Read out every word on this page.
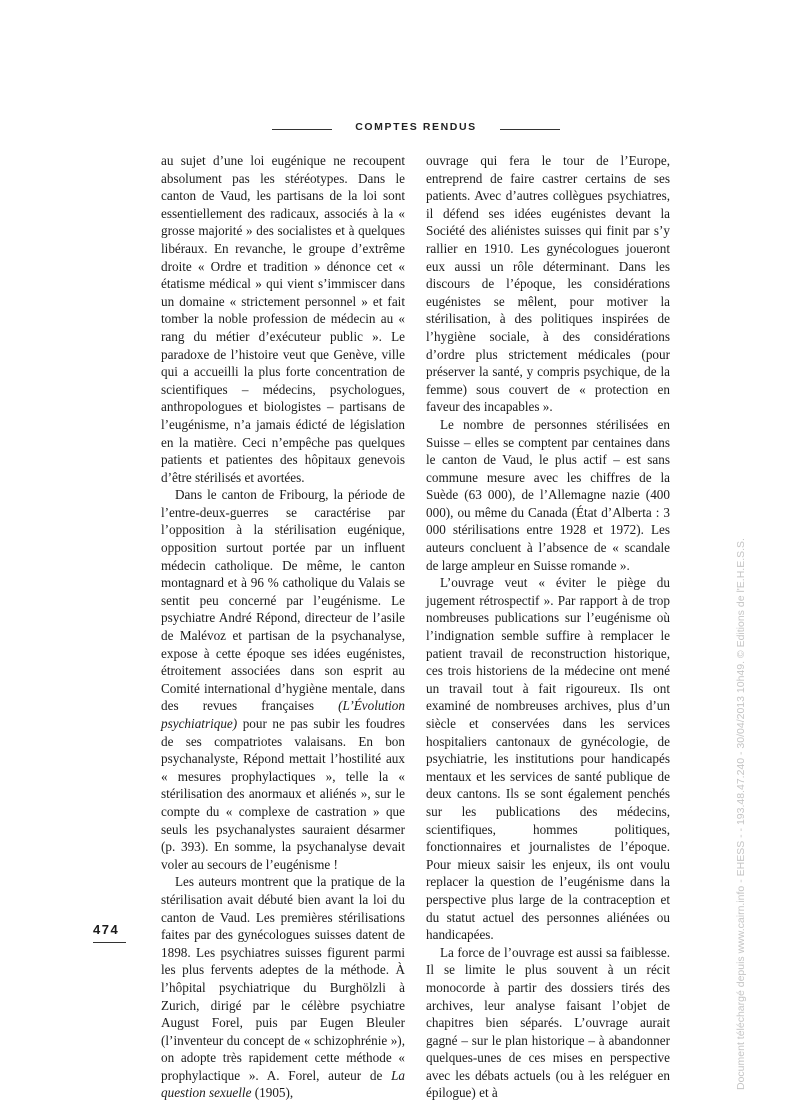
COMPTES RENDUS

au sujet d’une loi eugénique ne recoupent absolument pas les stéréotypes. Dans le canton de Vaud, les partisans de la loi sont essentiellement des radicaux, associés à la « grosse majorité » des socialistes et à quelques libéraux. En revanche, le groupe d’extrême droite « Ordre et tradition » dénonce cet « étatisme médical » qui vient s’immiscer dans un domaine « strictement personnel » et fait tomber la noble profession de médecin au « rang du métier d’exécuteur public ». Le paradoxe de l’histoire veut que Genève, ville qui a accueilli la plus forte concentration de scientifiques – médecins, psychologues, anthropologues et biologistes – partisans de l’eugénisme, n’a jamais édicté de législation en la matière. Ceci n’empêche pas quelques patients et patientes des hôpitaux genevois d’être stérilisés et avortées.

Dans le canton de Fribourg, la période de l’entre-deux-guerres se caractérise par l’opposition à la stérilisation eugénique, opposition surtout portée par un influent médecin catholique. De même, le canton montagnard et à 96 % catholique du Valais se sentit peu concerné par l’eugénisme. Le psychiatre André Répond, directeur de l’asile de Malévoz et partisan de la psychanalyse, expose à cette époque ses idées eugénistes, étroitement associées dans son esprit au Comité international d’hygiène mentale, dans des revues françaises (L’Évolution psychiatrique) pour ne pas subir les foudres de ses compatriotes valaisans. En bon psychanalyste, Répond mettait l’hostilité aux « mesures prophylactiques », telle la « stérilisation des anormaux et aliénés », sur le compte du « complexe de castration » que seuls les psychanalystes sauraient désarmer (p. 393). En somme, la psychanalyse devait voler au secours de l’eugénisme !

Les auteurs montrent que la pratique de la stérilisation avait débuté bien avant la loi du canton de Vaud. Les premières stérilisations faites par des gynécologues suisses datent de 1898. Les psychiatres suisses figurent parmi les plus fervents adeptes de la méthode. À l’hôpital psychiatrique du Burghölzli à Zurich, dirigé par le célèbre psychiatre August Forel, puis par Eugen Bleuler (l’inventeur du concept de « schizophrénie »), on adopte très rapidement cette méthode « prophylactique ». A. Forel, auteur de La question sexuelle (1905),

ouvrage qui fera le tour de l’Europe, entreprend de faire castrer certains de ses patients. Avec d’autres collègues psychiatres, il défend ses idées eugénistes devant la Société des aliénistes suisses qui finit par s’y rallier en 1910. Les gynécologues joueront eux aussi un rôle déterminant. Dans les discours de l’époque, les considérations eugénistes se mêlent, pour motiver la stérilisation, à des politiques inspirées de l’hygiène sociale, à des considérations d’ordre plus strictement médicales (pour préserver la santé, y compris psychique, de la femme) sous couvert de « protection en faveur des incapables ».

Le nombre de personnes stérilisées en Suisse – elles se comptent par centaines dans le canton de Vaud, le plus actif – est sans commune mesure avec les chiffres de la Suède (63 000), de l’Allemagne nazie (400 000), ou même du Canada (État d’Alberta : 3 000 stérilisations entre 1928 et 1972). Les auteurs concluent à l’absence de « scandale de large ampleur en Suisse romande ».

L’ouvrage veut « éviter le piège du jugement rétrospectif ». Par rapport à de trop nombreuses publications sur l’eugénisme où l’indignation semble suffire à remplacer le patient travail de reconstruction historique, ces trois historiens de la médecine ont mené un travail tout à fait rigoureux. Ils ont examiné de nombreuses archives, plus d’un siècle et conservées dans les services hospitaliers cantonaux de gynécologie, de psychiatrie, les institutions pour handicapés mentaux et les services de santé publique de deux cantons. Ils se sont également penchés sur les publications des médecins, scientifiques, hommes politiques, fonctionnaires et journalistes de l’époque. Pour mieux saisir les enjeux, ils ont voulu replacer la question de l’eugénisme dans la perspective plus large de la contraception et du statut actuel des personnes aliénées ou handicapées.

La force de l’ouvrage est aussi sa faiblesse. Il se limite le plus souvent à un récit monocorde à partir des dossiers tirés des archives, leur analyse faisant l’objet de chapitres bien séparés. L’ouvrage aurait gagné – sur le plan historique – à abandonner quelques-unes de ces mises en perspective avec les débats actuels (ou à les reléguer en épilogue) et à

474	Document téléchargé depuis www.cairn.info - EHESS - - 193.48.47.240 - 30/04/2013 10h49. © Editions de l'E.H.E.S.S.
